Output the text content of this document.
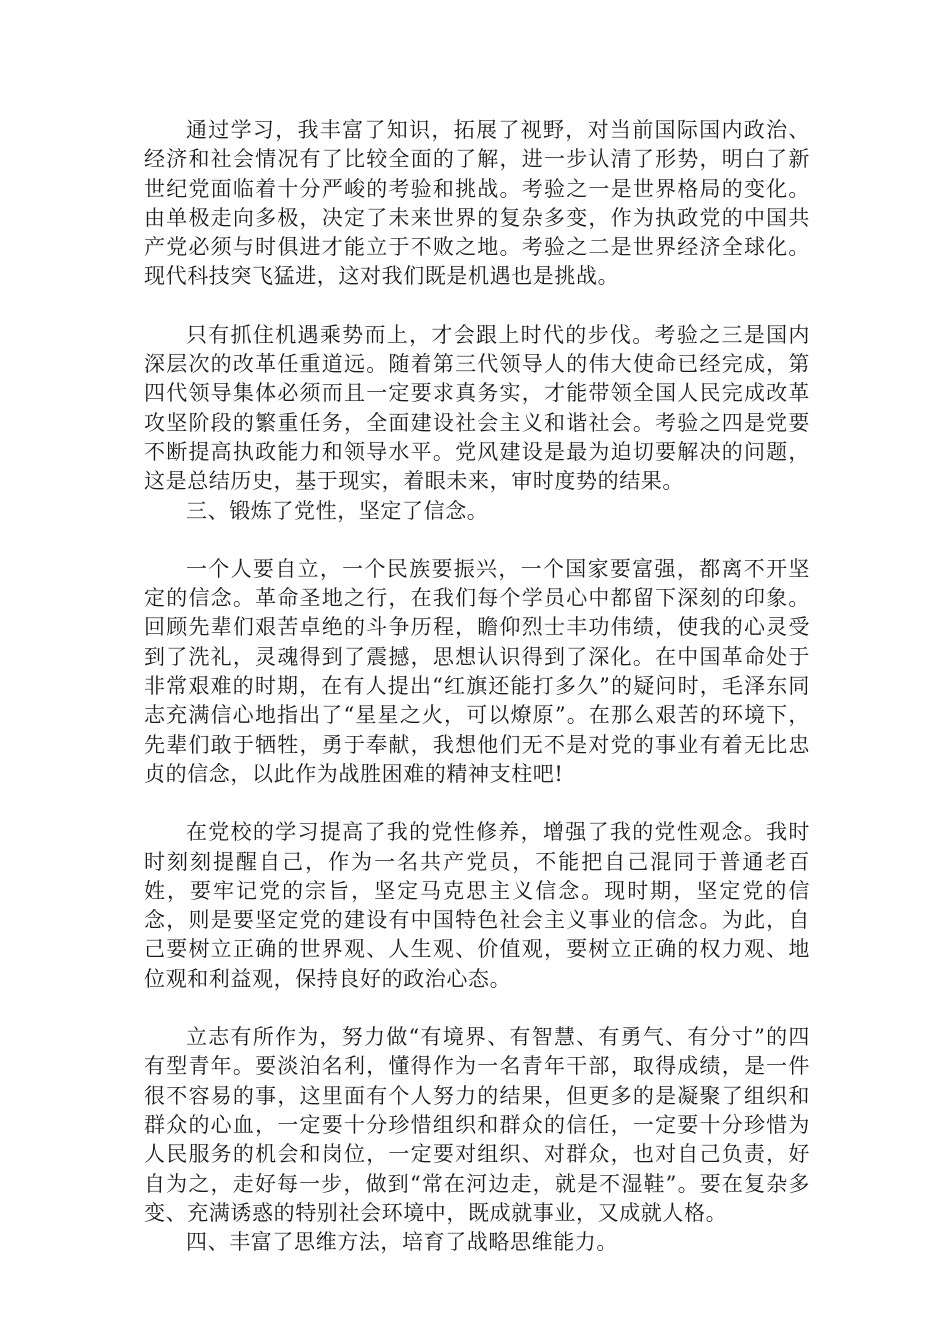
通过学习，我丰富了知识，拓展了视野，对当前国际国内政治、经济和社会情况有了比较全面的了解，进一步认清了形势，明白了新世纪党面临着十分严峻的考验和挑战。考验之一是世界格局的变化。由单极走向多极，决定了未来世界的复杂多变，作为执政党的中国共产党必须与时俱进才能立于不败之地。考验之二是世界经济全球化。现代科技突飞猛进，这对我们既是机遇也是挑战。

只有抓住机遇乘势而上，才会跟上时代的步伐。考验之三是国内深层次的改革任重道远。随着第三代领导人的伟大使命已经完成，第四代领导集体必须而且一定要求真务实，才能带领全国人民完成改革攻坚阶段的繁重任务，全面建设社会主义和谐社会。考验之四是党要不断提高执政能力和领导水平。党风建设是最为迫切要解决的问题，这是总结历史，基于现实，着眼未来，审时度势的结果。

三、锻炼了党性，坚定了信念。

一个人要自立，一个民族要振兴，一个国家要富强，都离不开坚定的信念。革命圣地之行，在我们每个学员心中都留下深刻的印象。回顾先辈们艰苦卓绝的斗争历程，瞻仰烈士丰功伟绩，使我的心灵受到了洗礼，灵魂得到了震撼，思想认识得到了深化。在中国革命处于非常艰难的时期，在有人提出“红旗还能打多久”的疑问时，毛泽东同志充满信心地指出了“星星之火，可以燎原”。在那么艰苦的环境下，先辈们敢于牺牲，勇于奉献，我想他们无不是对党的事业有着无比忠贞的信念，以此作为战胜困难的精神支柱吧!

在党校的学习提高了我的党性修养，增强了我的党性观念。我时时刻刻提醒自己，作为一名共产党员，不能把自己混同于普通老百姓，要牢记党的宗旨，坚定马克思主义信念。现时期，坚定党的信念，则是要坚定党的建设有中国特色社会主义事业的信念。为此，自己要树立正确的世界观、人生观、价值观，要树立正确的权力观、地位观和利益观，保持良好的政治心态。

立志有所作为，努力做“有境界、有智慧、有勇气、有分寸”的四有型青年。要淡泊名利，懂得作为一名青年干部，取得成绩，是一件很不容易的事，这里面有个人努力的结果，但更多的是凝聚了组织和群众的心血，一定要十分珍惜组织和群众的信任，一定要十分珍惜为人民服务的机会和岗位，一定要对组织、对群众，也对自己负责，好自为之，走好每一步，做到“常在河边走，就是不湿鞋”。要在复杂多变、充满诱惑的特别社会环境中，既成就事业，又成就人格。

四、丰富了思维方法，培育了战略思维能力。
